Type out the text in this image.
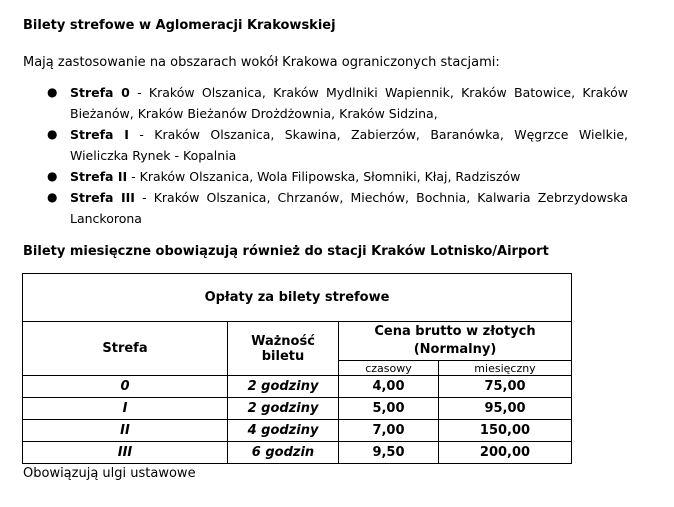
Bilety strefowe w Aglomeracji Krakowskiej
Mają zastosowanie na obszarach wokół Krakowa ograniczonych stacjami:
● Strefa 0 - Kraków Olszanica, Kraków Mydlniki Wapiennik, Kraków Batowice, Kraków Bieżanów, Kraków Bieżanów Drożdżownia, Kraków Sidzina,
● Strefa I - Kraków Olszanica, Skawina, Zabierzów, Baranówka, Węgrzce Wielkie, Wieliczka Rynek - Kopalnia
● Strefa II - Kraków Olszanica, Wola Filipowska, Słomniki, Kłaj, Radziszów
● Strefa III - Kraków Olszanica, Chrzanów, Miechów, Bochnia, Kalwaria Zebrzydowska Lanckorona
Bilety miesięczne obowiązują również do stacji Kraków Lotnisko/Airport
Opłaty za bilety strefowe			
Strefa	Ważność biletu	Cena brutto w złotych (Normalny)	
		czasowy	miesięczny
0	2 godziny	4,00	75,00
I	2 godziny	5,00	95,00
II	4 godziny	7,00	150,00
III	6 godzin	9,50	200,00
Obowiązują ulgi ustawowe
